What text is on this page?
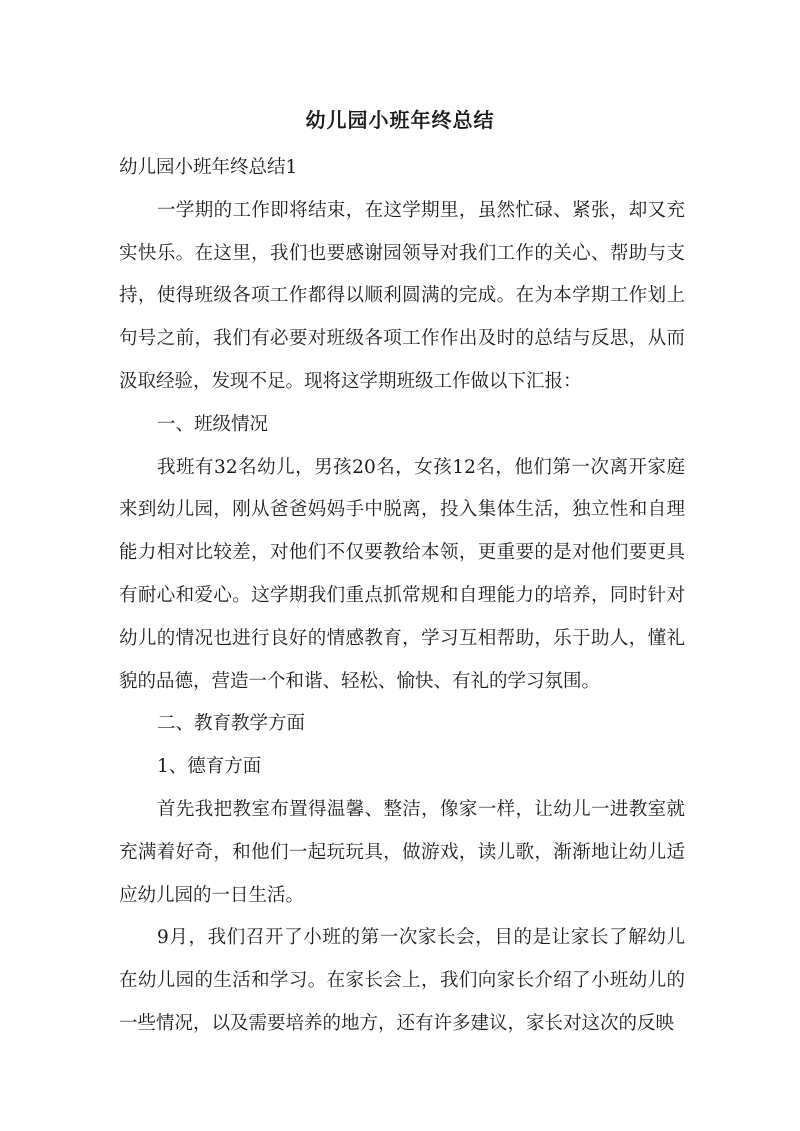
幼儿园小班年终总结

幼儿园小班年终总结1

一学期的工作即将结束，在这学期里，虽然忙碌、紧张，却又充实快乐。在这里，我们也要感谢园领导对我们工作的关心、帮助与支持，使得班级各项工作都得以顺利圆满的完成。在为本学期工作划上句号之前，我们有必要对班级各项工作作出及时的总结与反思，从而汲取经验，发现不足。现将这学期班级工作做以下汇报：

一、班级情况

我班有32名幼儿，男孩20名，女孩12名，他们第一次离开家庭来到幼儿园，刚从爸爸妈妈手中脱离，投入集体生活，独立性和自理能力相对比较差，对他们不仅要教给本领，更重要的是对他们要更具有耐心和爱心。这学期我们重点抓常规和自理能力的培养，同时针对幼儿的情况也进行良好的情感教育，学习互相帮助，乐于助人，懂礼貌的品德，营造一个和谐、轻松、愉快、有礼的学习氛围。

二、教育教学方面

1、德育方面

首先我把教室布置得温馨、整洁，像家一样，让幼儿一进教室就充满着好奇，和他们一起玩玩具，做游戏，读儿歌，渐渐地让幼儿适应幼儿园的一日生活。

9月，我们召开了小班的第一次家长会，目的是让家长了解幼儿在幼儿园的生活和学习。在家长会上，我们向家长介绍了小班幼儿的一些情况，以及需要培养的地方，还有许多建议，家长对这次的反映
